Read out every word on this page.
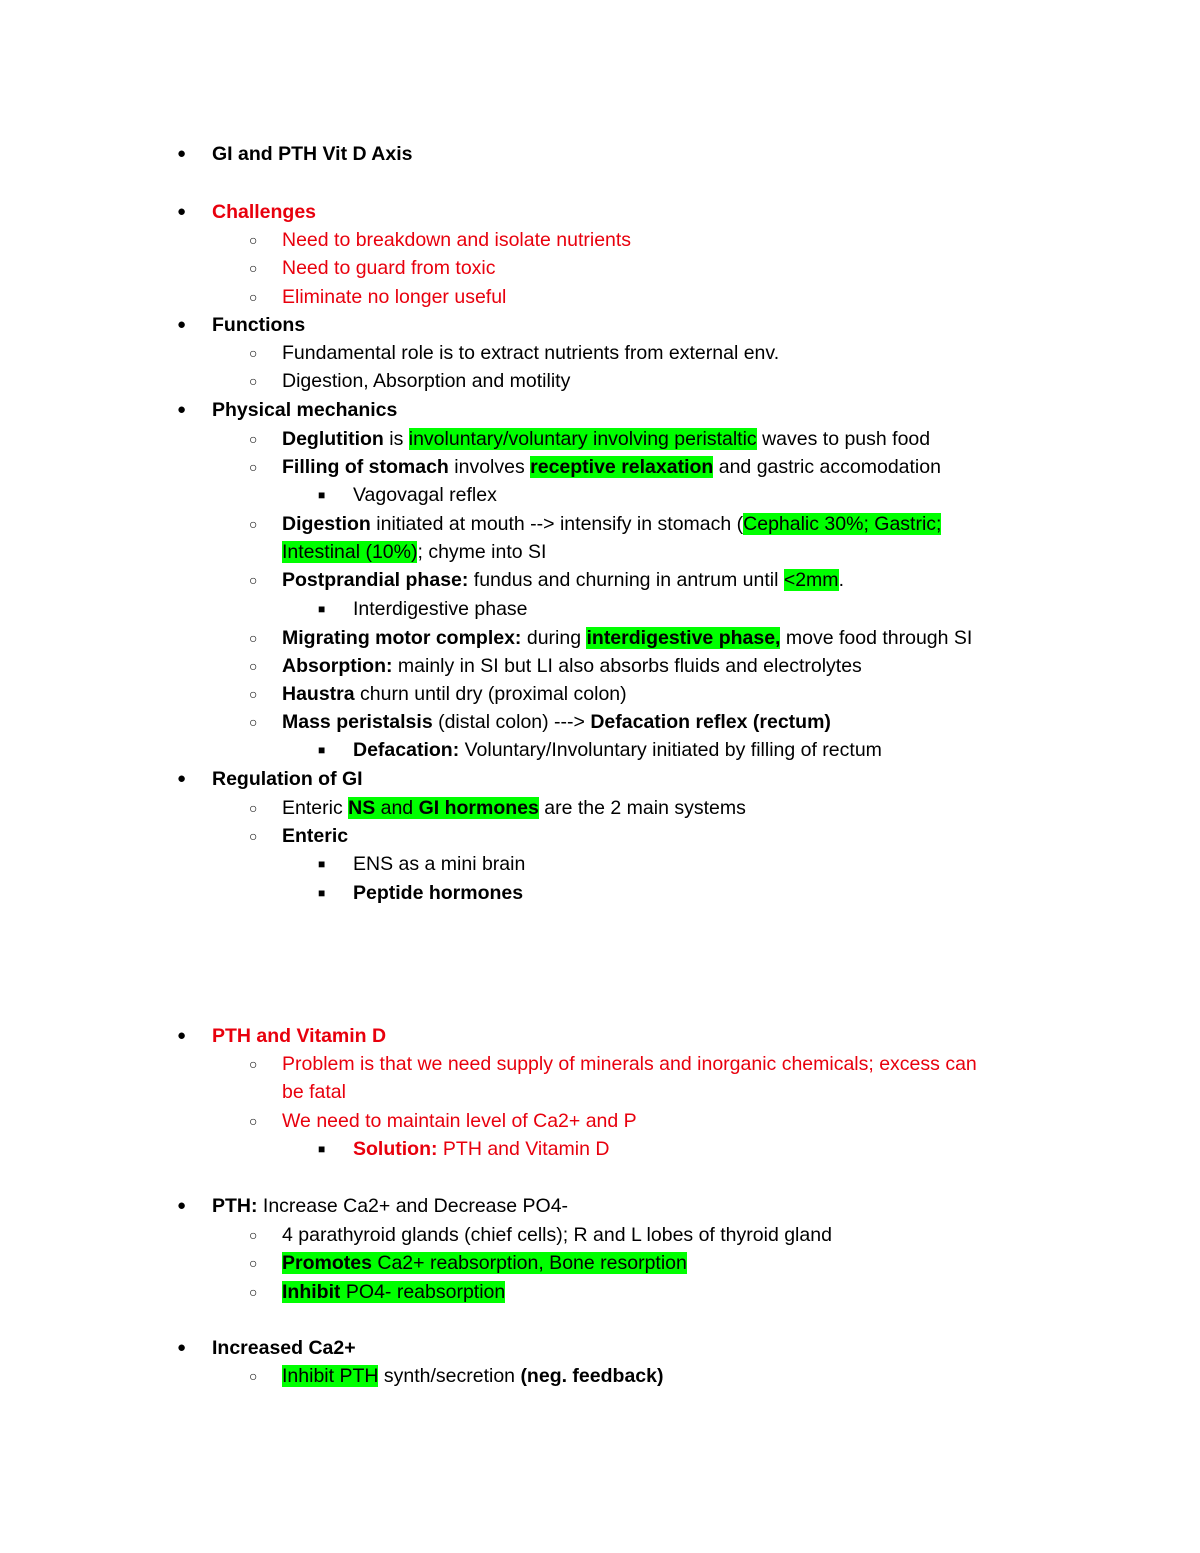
● GI and PTH Vit D Axis
● Challenges
○ Need to breakdown and isolate nutrients
○ Need to guard from toxic
○ Eliminate no longer useful
● Functions
○ Fundamental role is to extract nutrients from external env.
○ Digestion, Absorption and motility
● Physical mechanics
○ Deglutition is involuntary/voluntary involving peristaltic waves to push food
○ Filling of stomach involves receptive relaxation and gastric accomodation
■ Vagovagal reflex
○ Digestion initiated at mouth --> intensify in stomach (Cephalic 30%; Gastric;
Intestinal (10%); chyme into SI
○ Postprandial phase: fundus and churning in antrum until <2mm.
■ Interdigestive phase
○ Migrating motor complex: during interdigestive phase, move food through SI
○ Absorption: mainly in SI but LI also absorbs fluids and electrolytes
○ Haustra churn until dry (proximal colon)
○ Mass peristalsis (distal colon) ---> Defacation reflex (rectum)
■ Defacation: Voluntary/Involuntary initiated by filling of rectum
● Regulation of GI
○ Enteric NS and GI hormones are the 2 main systems
○ Enteric
■ ENS as a mini brain
■ Peptide hormones
● PTH and Vitamin D
○ Problem is that we need supply of minerals and inorganic chemicals; excess can
be fatal
○ We need to maintain level of Ca2+ and P
■ Solution: PTH and Vitamin D
● PTH: Increase Ca2+ and Decrease PO4-
○ 4 parathyroid glands (chief cells); R and L lobes of thyroid gland
○ Promotes Ca2+ reabsorption, Bone resorption
○ Inhibit PO4- reabsorption
● Increased Ca2+
○ Inhibit PTH synth/secretion (neg. feedback)
